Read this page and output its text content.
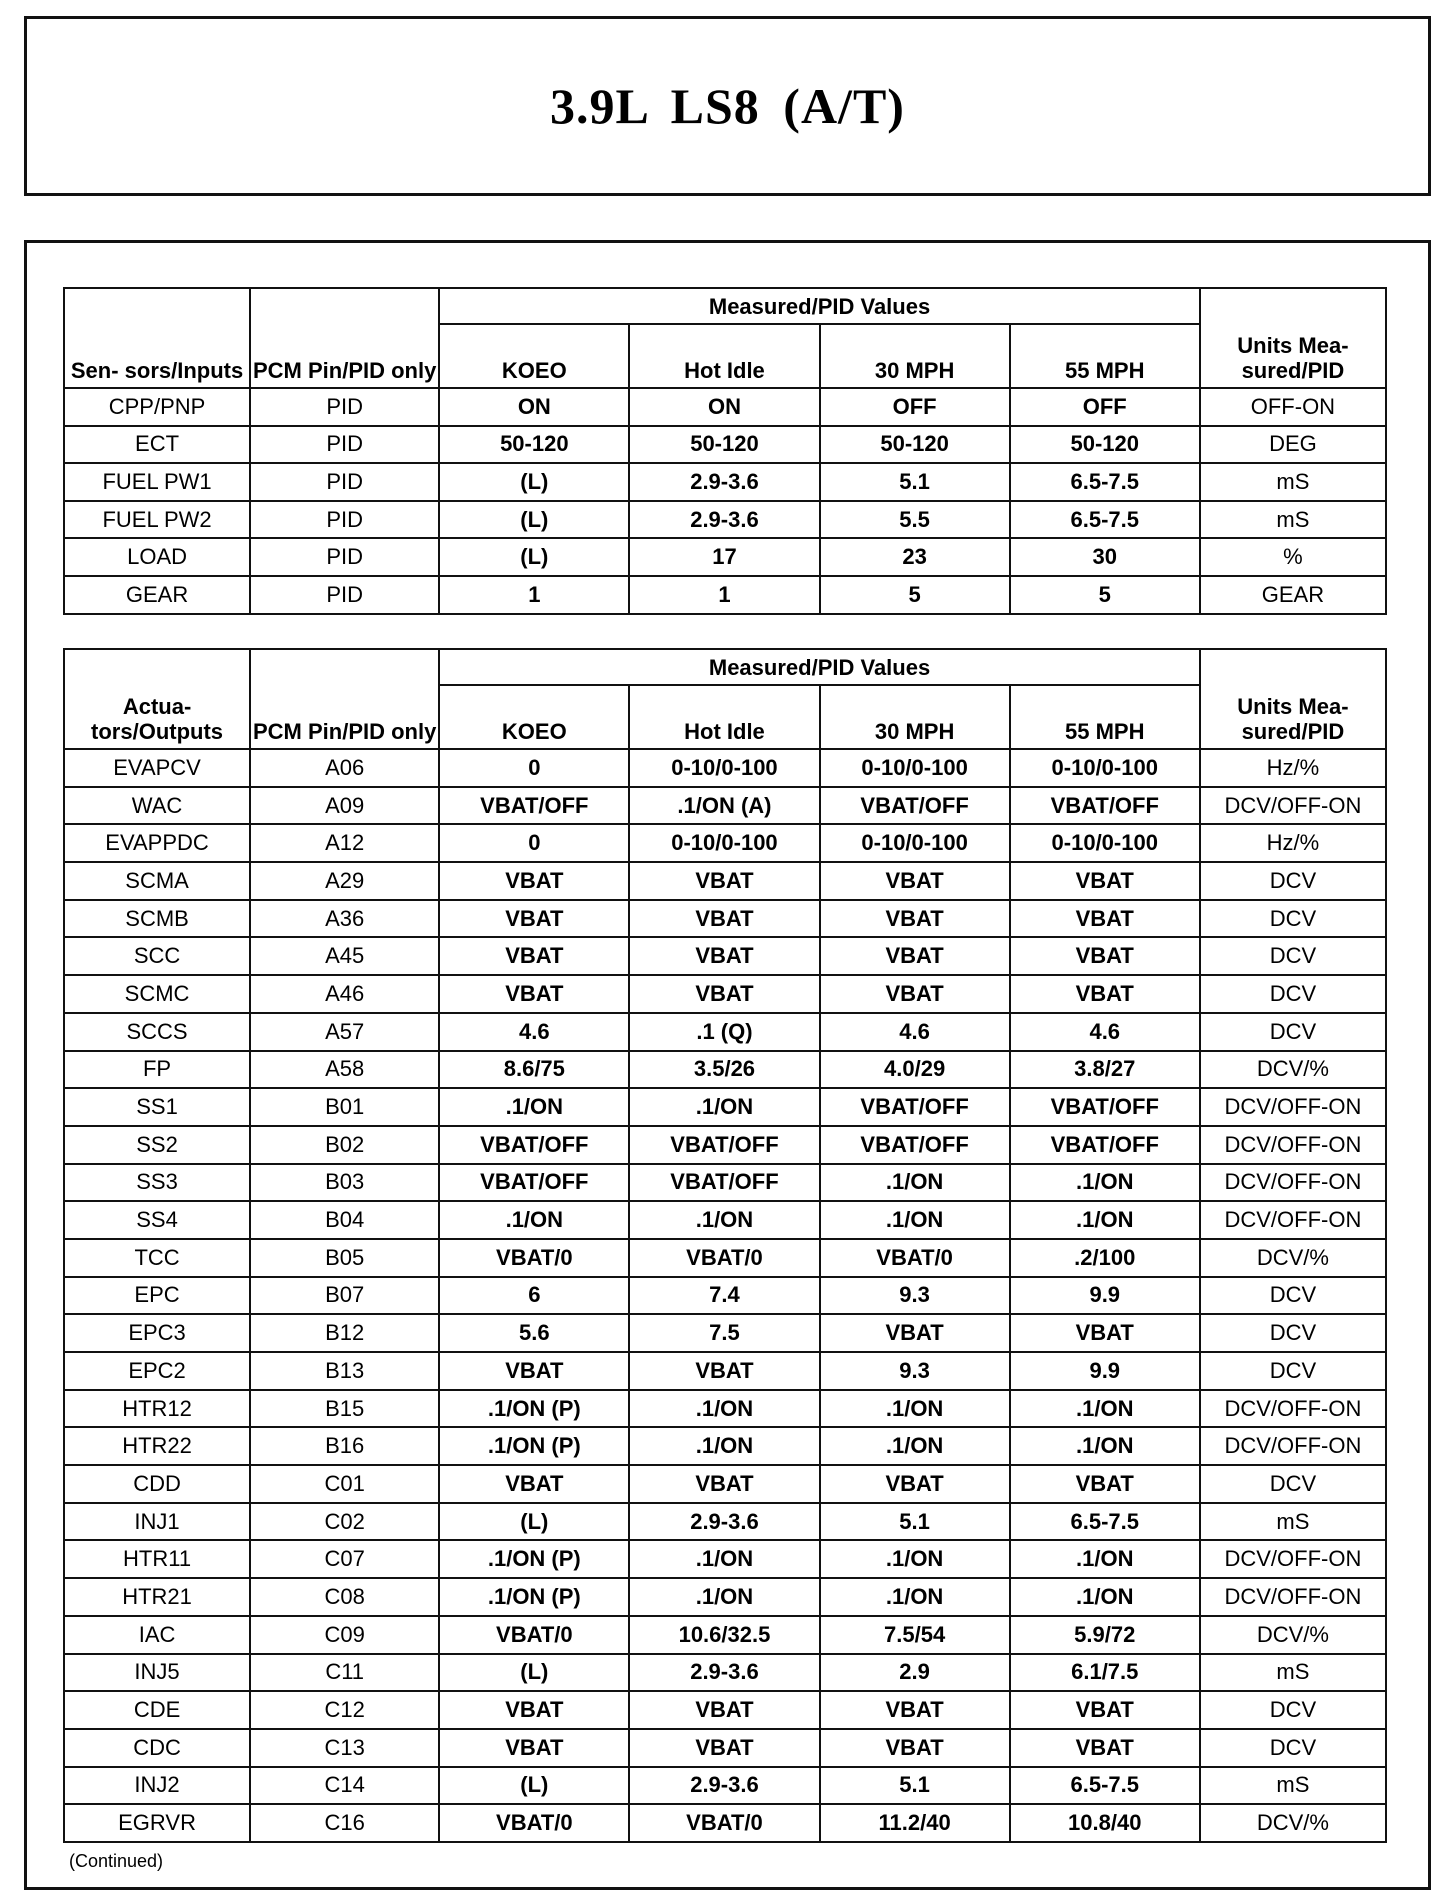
3.9L LS8 (A/T)
Sen- sors/Inputs	PCM Pin/PID only	Measured/PID Values				Units Mea- sured/PID
		KOEO	Hot Idle	30 MPH	55 MPH	
CPP/PNP	PID	ON	ON	OFF	OFF	OFF-ON
ECT	PID	50-120	50-120	50-120	50-120	DEG
FUEL PW1	PID	(L)	2.9-3.6	5.1	6.5-7.5	mS
FUEL PW2	PID	(L)	2.9-3.6	5.5	6.5-7.5	mS
LOAD	PID	(L)	17	23	30	%
GEAR	PID	1	1	5	5	GEAR
Actua- tors/Outputs	PCM Pin/PID only	Measured/PID Values				Units Mea- sured/PID
		KOEO	Hot Idle	30 MPH	55 MPH	
EVAPCV	A06	0	0-10/0-100	0-10/0-100	0-10/0-100	Hz/%
WAC	A09	VBAT/OFF	.1/ON (A)	VBAT/OFF	VBAT/OFF	DCV/OFF-ON
EVAPPDC	A12	0	0-10/0-100	0-10/0-100	0-10/0-100	Hz/%
SCMA	A29	VBAT	VBAT	VBAT	VBAT	DCV
SCMB	A36	VBAT	VBAT	VBAT	VBAT	DCV
SCC	A45	VBAT	VBAT	VBAT	VBAT	DCV
SCMC	A46	VBAT	VBAT	VBAT	VBAT	DCV
SCCS	A57	4.6	.1 (Q)	4.6	4.6	DCV
FP	A58	8.6/75	3.5/26	4.0/29	3.8/27	DCV/%
SS1	B01	.1/ON	.1/ON	VBAT/OFF	VBAT/OFF	DCV/OFF-ON
SS2	B02	VBAT/OFF	VBAT/OFF	VBAT/OFF	VBAT/OFF	DCV/OFF-ON
SS3	B03	VBAT/OFF	VBAT/OFF	.1/ON	.1/ON	DCV/OFF-ON
SS4	B04	.1/ON	.1/ON	.1/ON	.1/ON	DCV/OFF-ON
TCC	B05	VBAT/0	VBAT/0	VBAT/0	.2/100	DCV/%
EPC	B07	6	7.4	9.3	9.9	DCV
EPC3	B12	5.6	7.5	VBAT	VBAT	DCV
EPC2	B13	VBAT	VBAT	9.3	9.9	DCV
HTR12	B15	.1/ON (P)	.1/ON	.1/ON	.1/ON	DCV/OFF-ON
HTR22	B16	.1/ON (P)	.1/ON	.1/ON	.1/ON	DCV/OFF-ON
CDD	C01	VBAT	VBAT	VBAT	VBAT	DCV
INJ1	C02	(L)	2.9-3.6	5.1	6.5-7.5	mS
HTR11	C07	.1/ON (P)	.1/ON	.1/ON	.1/ON	DCV/OFF-ON
HTR21	C08	.1/ON (P)	.1/ON	.1/ON	.1/ON	DCV/OFF-ON
IAC	C09	VBAT/0	10.6/32.5	7.5/54	5.9/72	DCV/%
INJ5	C11	(L)	2.9-3.6	2.9	6.1/7.5	mS
CDE	C12	VBAT	VBAT	VBAT	VBAT	DCV
CDC	C13	VBAT	VBAT	VBAT	VBAT	DCV
INJ2	C14	(L)	2.9-3.6	5.1	6.5-7.5	mS
EGRVR	C16	VBAT/0	VBAT/0	11.2/40	10.8/40	DCV/%
(Continued)
